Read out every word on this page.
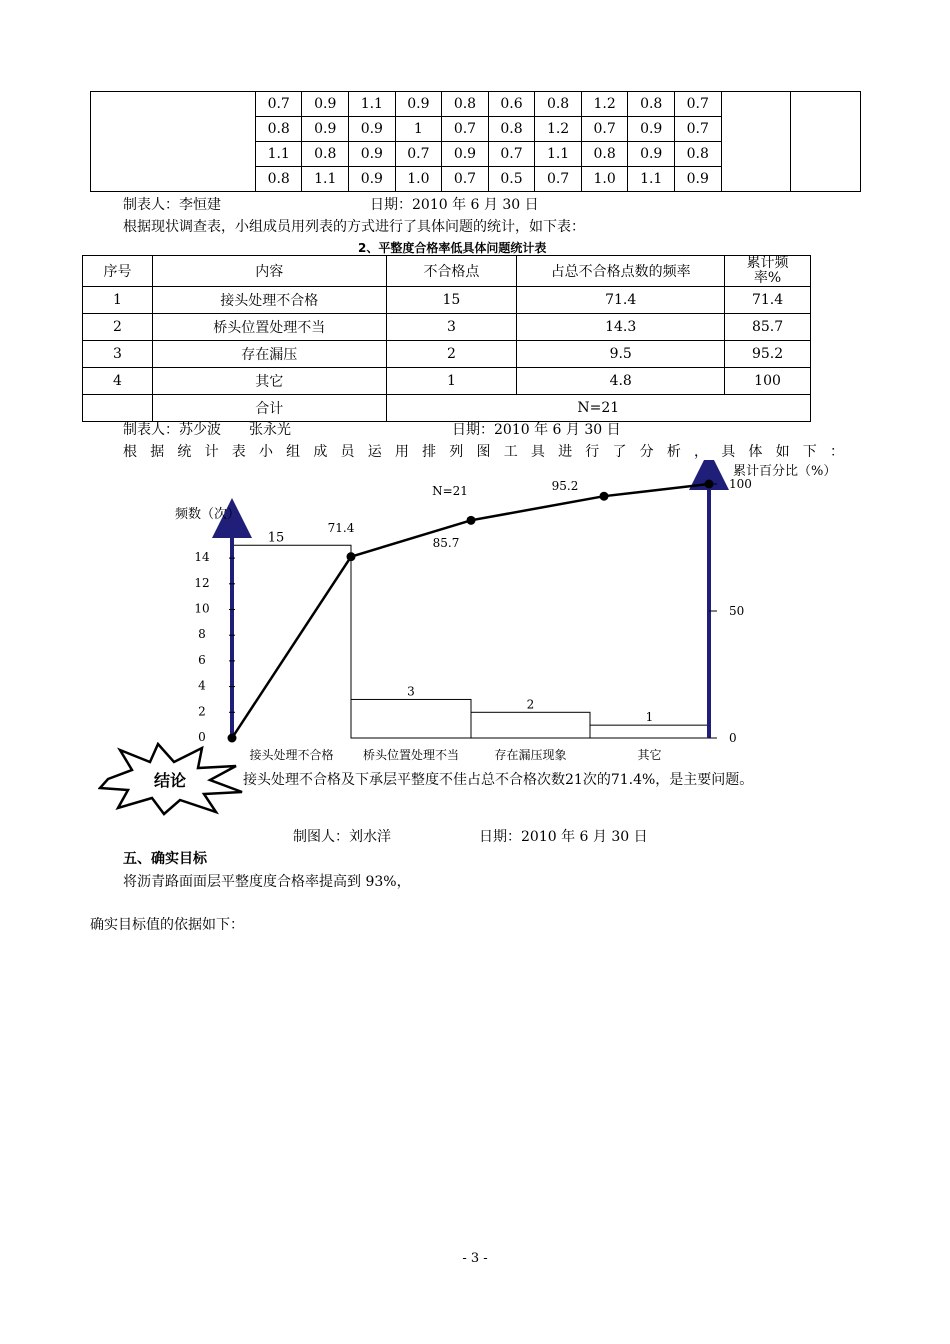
	0.7	0.9	1.1	0.9	0.8	0.6	0.8	1.2	0.8	0.7		
	0.8	0.9	0.9	1	0.7	0.8	1.2	0.7	0.9	0.7		
	1.1	0.8	0.9	0.7	0.9	0.7	1.1	0.8	0.9	0.8		
	0.8	1.1	0.9	1.0	0.7	0.5	0.7	1.0	1.1	0.9		
制表人：李恒建	日期：2010 年 6 月 30 日
根据现状调查表，小组成员用列表的方式进行了具体问题的统计，如下表：
2、平整度合格率低具体问题统计表
序号	内容	不合格点	占总不合格点数的频率	累计频率%
1	接头处理不合格	15	71.4	71.4
2	桥头位置处理不当	3	14.3	85.7
3	存在漏压	2	9.5	95.2
4	其它	1	4.8	100
	合计	N=21		
制表人：苏少波　　张永光	日期：2010 年 6 月 30 日
根据统计表小组成员运用排列图工具进行了分析，具体如下：
15
接头处理不合格
3
桥头位置处理不当
2
存在漏压现象
1
其它
0
2
4
6
8
10
12
14
频数（次）
0
50
100
累计百分比（%）
71.4
85.7
95.2
N=21
结论	接头处理不合格及下承层平整度不佳占总不合格次数21次的71.4%，是主要问题。
制图人：刘水洋	日期：2010 年 6 月 30 日
五、确实目标
将沥青路面面层平整度度合格率提高到 93%，
确实目标值的依据如下：
- 3 -
